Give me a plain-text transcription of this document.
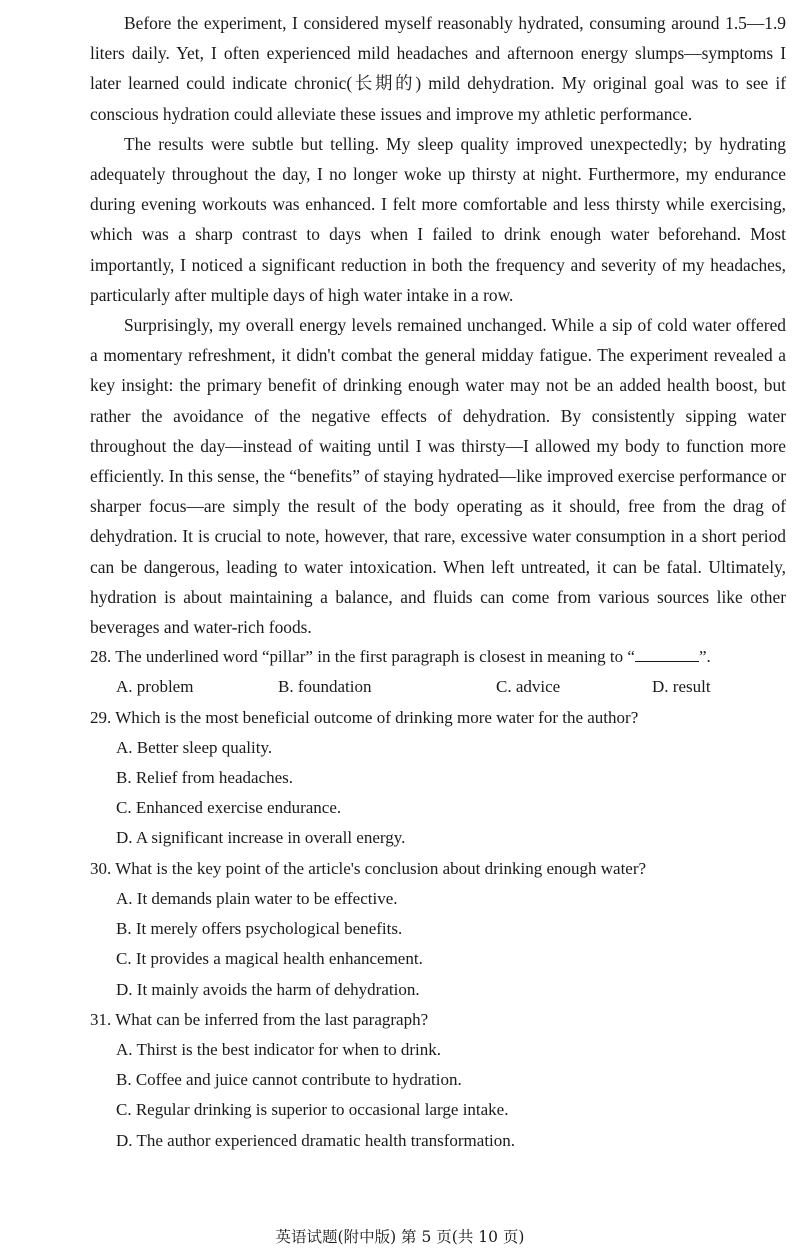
Before the experiment, I considered myself reasonably hydrated, consuming around 1.5—1.9 liters daily. Yet, I often experienced mild headaches and afternoon energy slumps—symptoms I later learned could indicate chronic(长期的) mild dehydration. My original goal was to see if conscious hydration could alleviate these issues and improve my athletic performance.

The results were subtle but telling. My sleep quality improved unexpectedly; by hydrating adequately throughout the day, I no longer woke up thirsty at night. Furthermore, my endurance during evening workouts was enhanced. I felt more comfortable and less thirsty while exercising, which was a sharp contrast to days when I failed to drink enough water beforehand. Most importantly, I noticed a significant reduction in both the frequency and severity of my headaches, particularly after multiple days of high water intake in a row.

Surprisingly, my overall energy levels remained unchanged. While a sip of cold water offered a momentary refreshment, it didn't combat the general midday fatigue. The experiment revealed a key insight: the primary benefit of drinking enough water may not be an added health boost, but rather the avoidance of the negative effects of dehydration. By consistently sipping water throughout the day—instead of waiting until I was thirsty—I allowed my body to function more efficiently. In this sense, the “benefits” of staying hydrated—like improved exercise performance or sharper focus—are simply the result of the body operating as it should, free from the drag of dehydration. It is crucial to note, however, that rare, excessive water consumption in a short period can be dangerous, leading to water intoxication. When left untreated, it can be fatal. Ultimately, hydration is about maintaining a balance, and fluids can come from various sources like other beverages and water-rich foods.

28. The underlined word “pillar” in the first paragraph is closest in meaning to “	”.

A. problem	B. foundation	C. advice	D. result

29. Which is the most beneficial outcome of drinking more water for the author?

A. Better sleep quality.
B. Relief from headaches.
C. Enhanced exercise endurance.
D. A significant increase in overall energy.

30. What is the key point of the article's conclusion about drinking enough water?

A. It demands plain water to be effective.
B. It merely offers psychological benefits.
C. It provides a magical health enhancement.
D. It mainly avoids the harm of dehydration.

31. What can be inferred from the last paragraph?

A. Thirst is the best indicator for when to drink.
B. Coffee and juice cannot contribute to hydration.
C. Regular drinking is superior to occasional large intake.
D. The author experienced dramatic health transformation.
英语试题(附中版) 第 5 页(共 10 页)
